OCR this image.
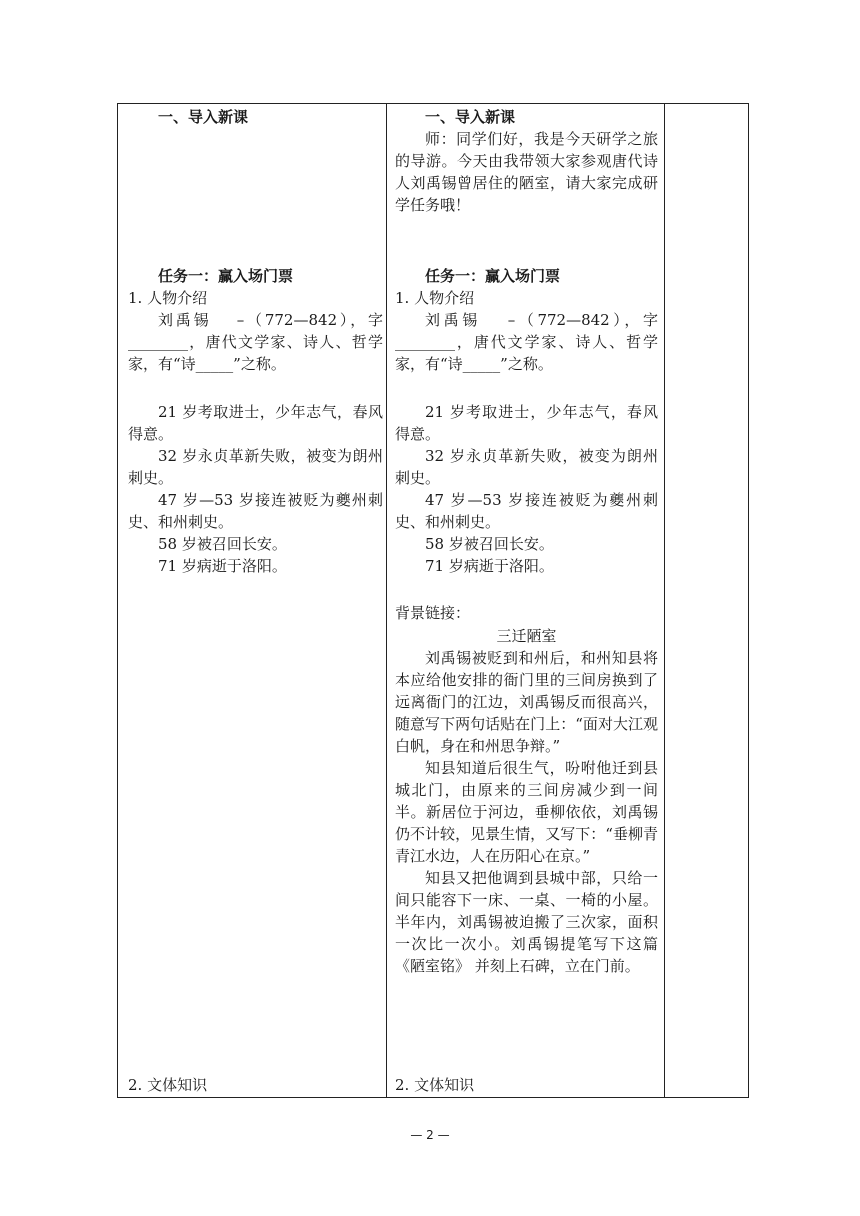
一、导入新课
任务一：赢入场门票
1. 人物介绍

刘禹锡　 –（772—842），字________，唐代文学家、诗人、哲学家，有“诗_____”之称。

21 岁考取进士，少年志气，春风得意。

32 岁永贞革新失败，被变为朗州刺史。

47 岁—53 岁接连被贬为夔州刺史、和州刺史。

58 岁被召回长安。

71 岁病逝于洛阳。

2. 文体知识
一、导入新课

师：同学们好，我是今天研学之旅的导游。今天由我带领大家参观唐代诗人刘禹锡曾居住的陋室，请大家完成研学任务哦！

任务一：赢入场门票
1. 人物介绍

刘禹锡　 –（772—842），字________，唐代文学家、诗人、哲学家，有“诗_____”之称。

21 岁考取进士，少年志气，春风得意。

32 岁永贞革新失败，被变为朗州刺史。

47 岁—53 岁接连被贬为夔州刺史、和州刺史。

58 岁被召回长安。

71 岁病逝于洛阳。

背景链接：
三迁陋室

刘禹锡被贬到和州后，和州知县将本应给他安排的衙门里的三间房换到了远离衙门的江边，刘禹锡反而很高兴，随意写下两句话贴在门上：“面对大江观白帆，身在和州思争辩。”

知县知道后很生气，吩咐他迁到县城北门，由原来的三间房减少到一间半。新居位于河边，垂柳依依，刘禹锡仍不计较，见景生情，又写下：“垂柳青青江水边，人在历阳心在京。”

知县又把他调到县城中部，只给一间只能容下一床、一桌、一椅的小屋。半年内，刘禹锡被迫搬了三次家，面积一次比一次小。刘禹锡提笔写下这篇 《陋室铭》 并刻上石碑，立在门前。

2. 文体知识
— 2 —
